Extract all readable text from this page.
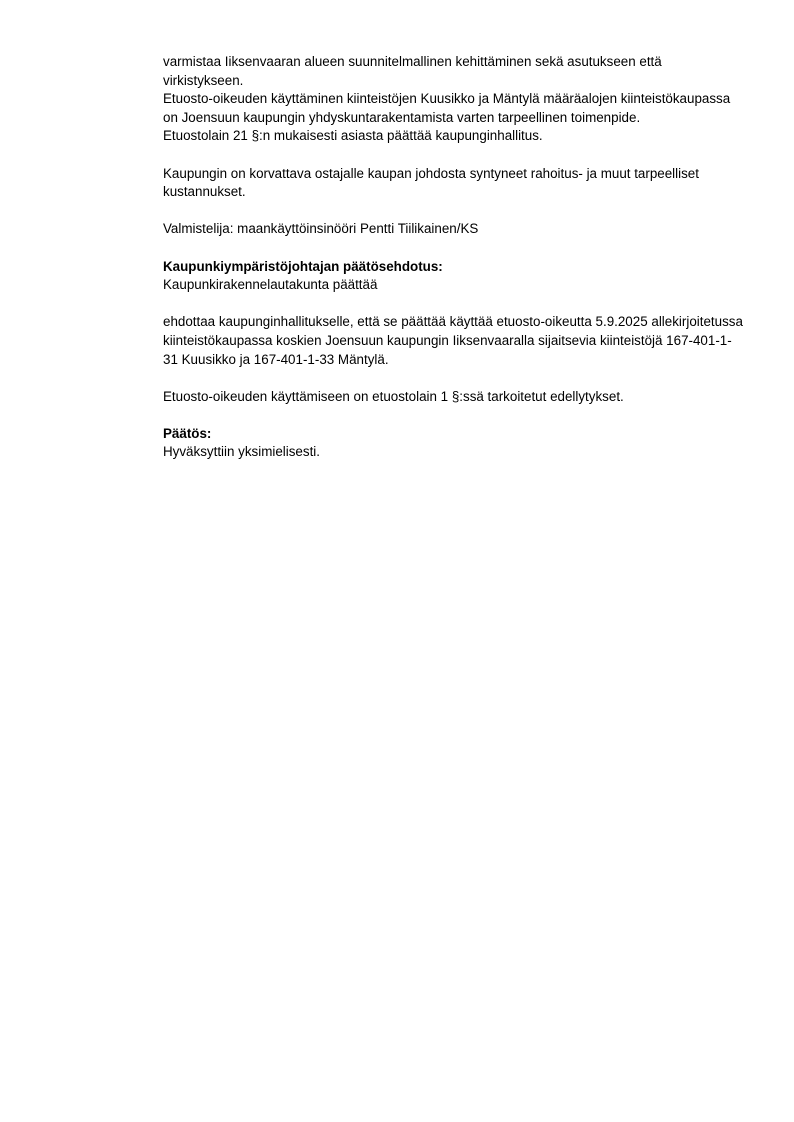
varmistaa Iiksenvaaran alueen suunnitelmallinen kehittäminen sekä asutukseen että virkistykseen.

Etuosto-oikeuden käyttäminen kiinteistöjen Kuusikko ja Mäntylä määräalojen kiinteistökaupassa on Joensuun kaupungin yhdyskuntarakentamista varten tarpeellinen toimenpide.

Etuostolain 21 §:n mukaisesti asiasta päättää kaupunginhallitus.

Kaupungin on korvattava ostajalle kaupan johdosta syntyneet rahoitus- ja muut tarpeelliset kustannukset.

Valmistelija: maankäyttöinsinööri Pentti Tiilikainen/KS

Kaupunkiympäristöjohtajan päätösehdotus:

Kaupunkirakennelautakunta päättää

ehdottaa kaupunginhallitukselle, että se päättää käyttää etuosto-oikeutta 5.9.2025 allekirjoitetussa kiinteistökaupassa koskien Joensuun kaupungin Iiksenvaaralla sijaitsevia kiinteistöjä 167-401-1-31 Kuusikko ja 167-401-1-33 Mäntylä.

Etuosto-oikeuden käyttämiseen on etuostolain 1 §:ssä tarkoitetut edellytykset.

Päätös:

Hyväksyttiin yksimielisesti.
